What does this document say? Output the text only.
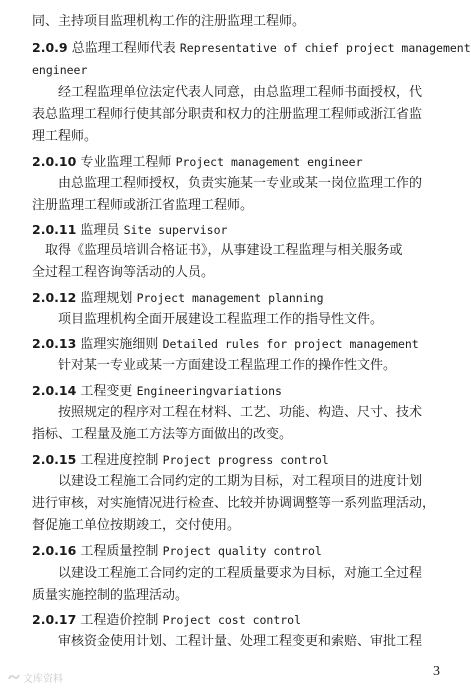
同、主持项目监理机构工作的注册监理工程师。
2.0.9 总监理工程师代表 Representative of chief project management
engineer
经工程监理单位法定代表人同意，由总监理工程师书面授权，代
表总监理工程师行使其部分职责和权力的注册监理工程师或浙江省监
理工程师。
2.0.10 专业监理工程师 Project management engineer
由总监理工程师授权，负责实施某一专业或某一岗位监理工作的
注册监理工程师或浙江省监理工程师。
2.0.11 监理员 Site supervisor
取得《监理员培训合格证书》，从事建设工程监理与相关服务或
全过程工程咨询等活动的人员。
2.0.12 监理规划 Project management planning
项目监理机构全面开展建设工程监理工作的指导性文件。
2.0.13 监理实施细则 Detailed rules for project management
针对某一专业或某一方面建设工程监理工作的操作性文件。
2.0.14 工程变更 Engineeringvariations
按照规定的程序对工程在材料、工艺、功能、构造、尺寸、技术
指标、工程量及施工方法等方面做出的改变。
2.0.15 工程进度控制 Project progress control
以建设工程施工合同约定的工期为目标，对工程项目的进度计划
进行审核，对实施情况进行检查、比较并协调调整等一系列监理活动，
督促施工单位按期竣工，交付使用。
2.0.16 工程质量控制 Project quality control
以建设工程施工合同约定的工程质量要求为目标，对施工全过程
质量实施控制的监理活动。
2.0.17 工程造价控制 Project cost control
审核资金使用计划、工程计量、处理工程变更和索赔、审批工程
文库资料
3
